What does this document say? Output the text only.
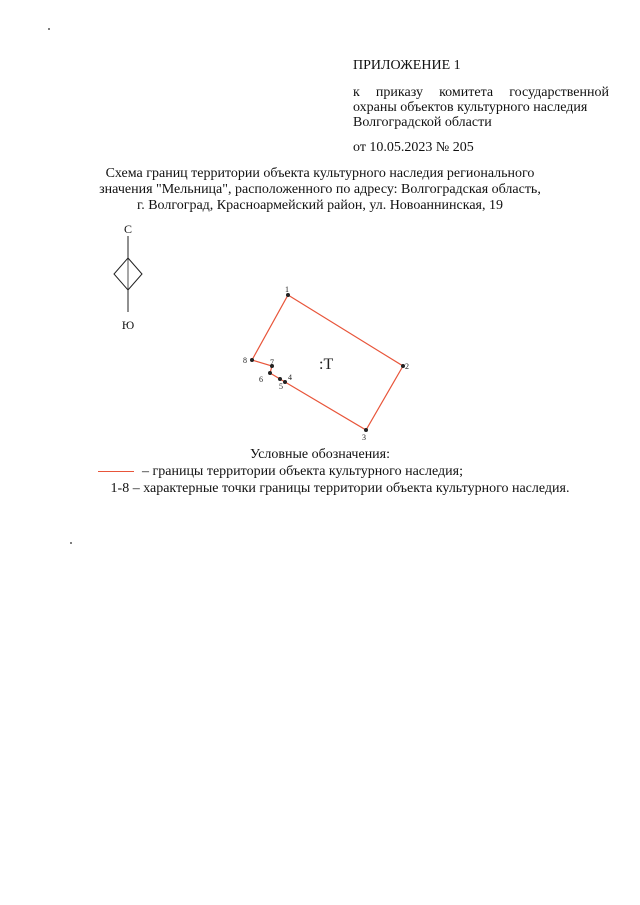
ПРИЛОЖЕНИЕ 1
к приказу комитета государственной охраны объектов культурного наследия
Волгоградской области
от 10.05.2023 № 205
Схема границ территории объекта культурного наследия регионального
значения "Мельница", расположенного по адресу: Волгоградская область,
г. Волгоград, Красноармейский район, ул. Новоаннинская, 19
С
Ю
1
2
3
4
5
6
7
8	:Т
Условные обозначения:
– границы территории объекта культурного наследия;
1-8 – характерные точки границы территории объекта культурного наследия.
